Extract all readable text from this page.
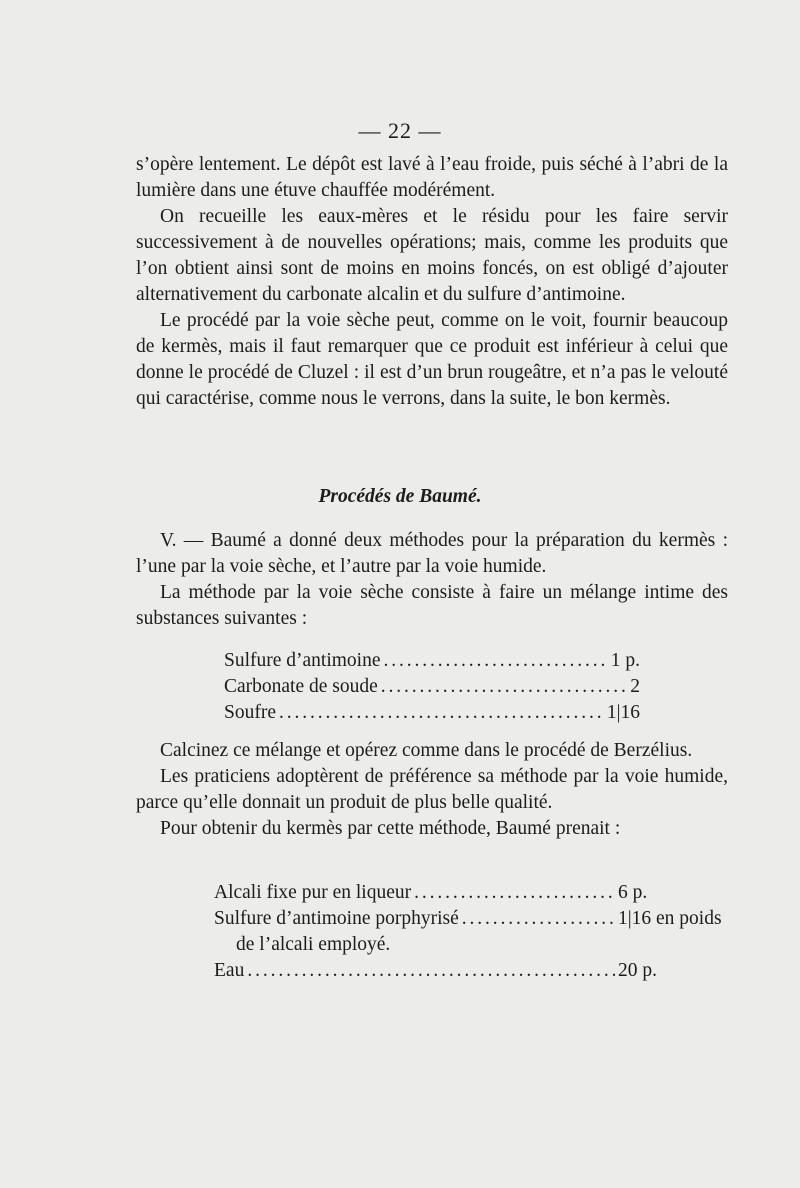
— 22 —

s’opère lentement. Le dépôt est lavé à l’eau froide, puis séché à l’abri de la lumière dans une étuve chauffée modérément.

On recueille les eaux-mères et le résidu pour les faire servir successivement à de nouvelles opérations; mais, comme les produits que l’on obtient ainsi sont de moins en moins foncés, on est obligé d’ajouter alternativement du carbonate alcalin et du sulfure d’antimoine.

Le procédé par la voie sèche peut, comme on le voit, fournir beaucoup de kermès, mais il faut remarquer que ce produit est inférieur à celui que donne le procédé de Cluzel : il est d’un brun rougeâtre, et n’a pas le velouté qui caractérise, comme nous le verrons, dans la suite, le bon kermès.

Procédés de Baumé.

V. — Baumé a donné deux méthodes pour la préparation du kermès : l’une par la voie sèche, et l’autre par la voie humide.

La méthode par la voie sèche consiste à faire un mélange intime des substances suivantes :

Sulfure d’antimoine . . .	1 p.
Carbonate de soude . . .	2
Soufre . . .	1|16

Calcinez ce mélange et opérez comme dans le procédé de Berzélius.

Les praticiens adoptèrent de préférence sa méthode par la voie humide, parce qu’elle donnait un produit de plus belle qualité.

Pour obtenir du kermès par cette méthode, Baumé prenait :

Alcali fixe pur en liqueur . . .	6 p.
Sulfure d’antimoine porphyrisé . . .	1|16 en poids
de l’alcali employé.
Eau . . .	20 p.
